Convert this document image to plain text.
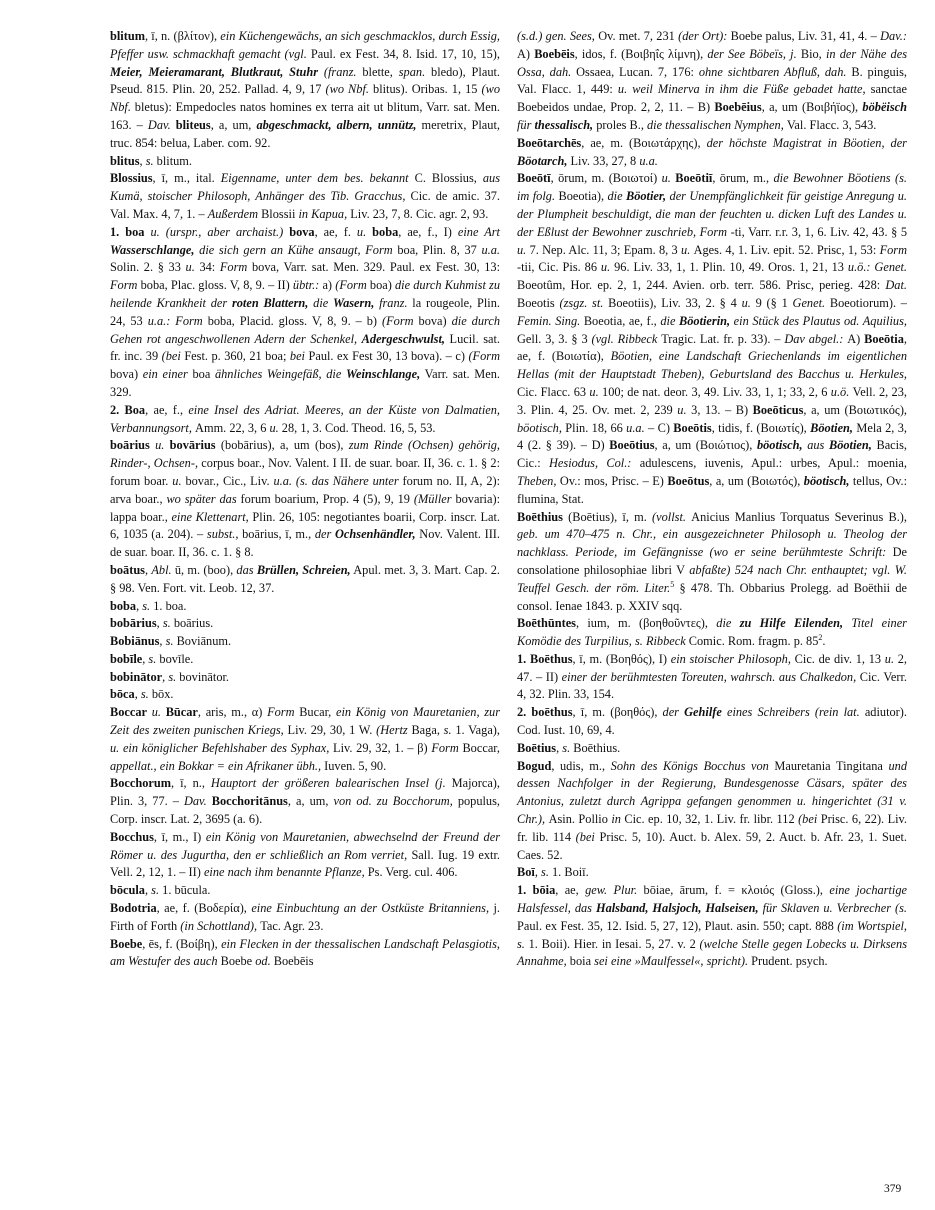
blitum, ī, n. (βλίτον), ein Küchengewächs, an sich geschmacklos, durch Essig, Pfeffer usw. schmackhaft gemacht (vgl. Paul. ex Fest. 34, 8. Isid. 17, 10, 15), Meier, Meieramarant, Blutkraut, Stuhr (franz. blette, span. bledo), Plaut. Pseud. 815. Plin. 20, 252. Pallad. 4, 9, 17 (wo Nbf. blitus). Oribas. 1, 15 (wo Nbf. bletus): Empedocles natos homines ex terra ait ut blitum, Varr. sat. Men. 163. – Dav. bliteus, a, um, abgeschmackt, albern, unnütz, meretrix, Plaut, truc. 854: belua, Laber. com. 92.

blitus, s. blitum.

Blossius, ī, m., ital. Eigenname, unter dem bes. bekannt C. Blossius, aus Kumä, stoischer Philosoph, Anhänger des Tib. Gracchus, Cic. de amic. 37. Val. Max. 4, 7, 1. – Außerdem Blossii in Kapua, Liv. 23, 7, 8. Cic. agr. 2, 93.

1. boa u. (urspr., aber archaist.) bova, ae, f. u. boba, ae, f., I) eine Art Wasserschlange, die sich gern an Kühe ansaugt, Form boa, Plin. 8, 37 u.a. Solin. 2. § 33 u. 34: Form bova, Varr. sat. Men. 329. Paul. ex Fest. 30, 13: Form boba, Plac. gloss. V, 8, 9. – II) übtr.: a) (Form boa) die durch Kuhmist zu heilende Krankheit der roten Blattern, die Wasern, franz. la rougeole, Plin. 24, 53 u.a.: Form boba, Placid. gloss. V, 8, 9. – b) (Form bova) die durch Gehen rot angeschwollenen Adern der Schenkel, Adergeschwulst, Lucil. sat. fr. inc. 39 (bei Fest. p. 360, 21 boa; bei Paul. ex Fest 30, 13 bova). – c) (Form bova) ein einer boa ähnliches Weingefäß, die Weinschlange, Varr. sat. Men. 329.

2. Boa, ae, f., eine Insel des Adriat. Meeres, an der Küste von Dalmatien, Verbannungsort, Amm. 22, 3, 6 u. 28, 1, 3. Cod. Theod. 16, 5, 53.

boārius u. bovārius (bobārius), a, um (bos), zum Rinde (Ochsen) gehörig, Rinder-, Ochsen-, corpus boar., Nov. Valent. I II. de suar. boar. II, 36. c. 1. § 2: forum boar. u. bovar., Cic., Liv. u.a. (s. das Nähere unter forum no. II, A, 2): arva boar., wo später das forum boarium, Prop. 4 (5), 9, 19 (Müller bovaria): lappa boar., eine Klettenart, Plin. 26, 105: negotiantes boarii, Corp. inscr. Lat. 6, 1035 (a. 204). – subst., boārius, ī, m., der Ochsenhändler, Nov. Valent. III. de suar. boar. II, 36. c. 1. § 8.

boātus, Abl. ū, m. (boo), das Brüllen, Schreien, Apul. met. 3, 3. Mart. Cap. 2. § 98. Ven. Fort. vit. Leob. 12, 37.

boba, s. 1. boa.

bobārius, s. boārius.

Bobiānus, s. Boviānum.

bobīle, s. bovīle.

bobinātor, s. bovinātor.

bōca, s. bōx.

Boccar u. Būcar, aris, m., α) Form Bucar, ein König von Mauretanien, zur Zeit des zweiten punischen Kriegs, Liv. 29, 30, 1 W. (Hertz Baga, s. 1. Vaga), u. ein königlicher Befehlshaber des Syphax, Liv. 29, 32, 1. – β) Form Boccar, appellat., ein Bokkar = ein Afrikaner übh., Iuven. 5, 90.

Bocchorum, ī, n., Hauptort der größeren balearischen Insel (j. Majorca), Plin. 3, 77. – Dav. Bocchoritānus, a, um, von od. zu Bocchorum, populus, Corp. inscr. Lat. 2, 3695 (a. 6).

Bocchus, ī, m., I) ein König von Mauretanien, abwechselnd der Freund der Römer u. des Jugurtha, den er schließlich an Rom verriet, Sall. Iug. 19 extr. Vell. 2, 12, 1. – II) eine nach ihm benannte Pflanze, Ps. Verg. cul. 406.

bōcula, s. 1. būcula.

Bodotria, ae, f. (Βοδερία), eine Einbuchtung an der Ostküste Britanniens, j. Firth of Forth (in Schottland), Tac. Agr. 23.

Boebe, ēs, f. (Βοίβη), ein Flecken in der thessalischen Landschaft Pelasgiotis, am Westufer des auch Boebe od. Boebēis

(s.d.) gen. Sees, Ov. met. 7, 231 (der Ort): Boebe palus, Liv. 31, 41, 4. – Dav.: A) Boebēis, idos, f. (Βοιβηΐς λίμνη), der See Böbeïs, j. Bio, in der Nähe des Ossa, dah. Ossaea, Lucan. 7, 176: ohne sichtbaren Abfluß, dah. B. pinguis, Val. Flacc. 1, 449: u. weil Minerva in ihm die Füße gebadet hatte, sanctae Boebeidos undae, Prop. 2, 2, 11. – B) Boebēius, a, um (Βοιβήϊος), böbëisch für thessalisch, proles B., die thessalischen Nymphen, Val. Flacc. 3, 543.

Boeōtarchēs, ae, m. (Βοιωτάρχης), der höchste Magistrat in Böotien, der Böotarch, Liv. 33, 27, 8 u.a.

Boeōtī, ōrum, m. (Βοιωτοί) u. Boeōtiī, ōrum, m., die Bewohner Böotiens (s. im folg. Boeotia), die Böotier, der Unempfänglichkeit für geistige Anregung u. der Plumpheit beschuldigt, die man der feuchten u. dicken Luft des Landes u. der Eßlust der Bewohner zuschrieb, Form -ti, Varr. r.r. 3, 1, 6. Liv. 42, 43. § 5 u. 7. Nep. Alc. 11, 3; Epam. 8, 3 u. Ages. 4, 1. Liv. epit. 52. Prisc, 1, 53: Form -tii, Cic. Pis. 86 u. 96. Liv. 33, 1, 1. Plin. 10, 49. Oros. 1, 21, 13 u.ö.: Genet. Boeotûm, Hor. ep. 2, 1, 244. Avien. orb. terr. 586. Prisc, perieg. 428: Dat. Boeotis (zsgz. st. Boeotiis), Liv. 33, 2. § 4 u. 9 (§ 1 Genet. Boeotiorum). – Femin. Sing. Boeotia, ae, f., die Böotierin, ein Stück des Plautus od. Aquilius, Gell. 3, 3. § 3 (vgl. Ribbeck Tragic. Lat. fr. p. 33). – Dav abgel.: A) Boeōtia, ae, f. (Βοιωτία), Böotien, eine Landschaft Griechenlands im eigentlichen Hellas (mit der Hauptstadt Theben), Geburtsland des Bacchus u. Herkules, Cic. Flacc. 63 u. 100; de nat. deor. 3, 49. Liv. 33, 1, 1; 33, 2, 6 u.ö. Vell. 2, 23, 3. Plin. 4, 25. Ov. met. 2, 239 u. 3, 13. – B) Boeōticus, a, um (Βοιωτικός), böotisch, Plin. 18, 66 u.a. – C) Boeōtis, tidis, f. (Βοιωτίς), Böotien, Mela 2, 3, 4 (2. § 39). – D) Boeōtius, a, um (Βοιώτιος), böotisch, aus Böotien, Bacis, Cic.: Hesiodus, Col.: adulescens, iuvenis, Apul.: urbes, Apul.: moenia, Theben, Ov.: mos, Prisc. – E) Boeōtus, a, um (Βοιωτός), böotisch, tellus, Ov.: flumina, Stat.

Boēthius (Boētius), ī, m. (vollst. Anicius Manlius Torquatus Severinus B.), geb. um 470–475 n. Chr., ein ausgezeichneter Philosoph u. Theolog der nachklass. Periode, im Gefängnisse (wo er seine berühmteste Schrift: De consolatione philosophiae libri V abfaßte) 524 nach Chr. enthauptet; vgl. W. Teuffel Gesch. der röm. Liter.$^5$ § 478. Th. Obbarius Prolegg. ad Boëthii de consol. Ienae 1843. p. XXIV sqq.

Boēthūntes, ium, m. (βοηθοῦντες), die zu Hilfe Eilenden, Titel einer Komödie des Turpilius, s. Ribbeck Comic. Rom. fragm. p. $85^2$.

1. Boēthus, ī, m. (Βοηθός), I) ein stoischer Philosoph, Cic. de div. 1, 13 u. 2, 47. – II) einer der berühmtesten Toreuten, wahrsch. aus Chalkedon, Cic. Verr. 4, 32. Plin. 33, 154.

2. boēthus, ī, m. (βοηθός), der Gehilfe eines Schreibers (rein lat. adiutor). Cod. Iust. 10, 69, 4.

Boētius, s. Boēthius.

Bogud, udis, m., Sohn des Königs Bocchus von Mauretania Tingitana und dessen Nachfolger in der Regierung, Bundesgenosse Cäsars, später des Antonius, zuletzt durch Agrippa gefangen genommen u. hingerichtet (31 v. Chr.), Asin. Pollio in Cic. ep. 10, 32, 1. Liv. fr. libr. 112 (bei Prisc. 6, 22). Liv. fr. lib. 114 (bei Prisc. 5, 10). Auct. b. Alex. 59, 2. Auct. b. Afr. 23, 1. Suet. Caes. 52.

Boī, s. 1. Boiī.

1. bōia, ae, gew. Plur. bōiae, ārum, f. = κλοιός (Gloss.), eine jochartige Halsfessel, das Halsband, Halsjoch, Halseisen, für Sklaven u. Verbrecher (s. Paul. ex Fest. 35, 12. Isid. 5, 27, 12), Plaut. asin. 550; capt. 888 (im Wortspiel, s. 1. Boii). Hier. in Iesai. 5, 27. v. 2 (welche Stelle gegen Lobecks u. Dirksens Annahme, boia sei eine »Maulfessel«, spricht). Prudent. psych.

379
